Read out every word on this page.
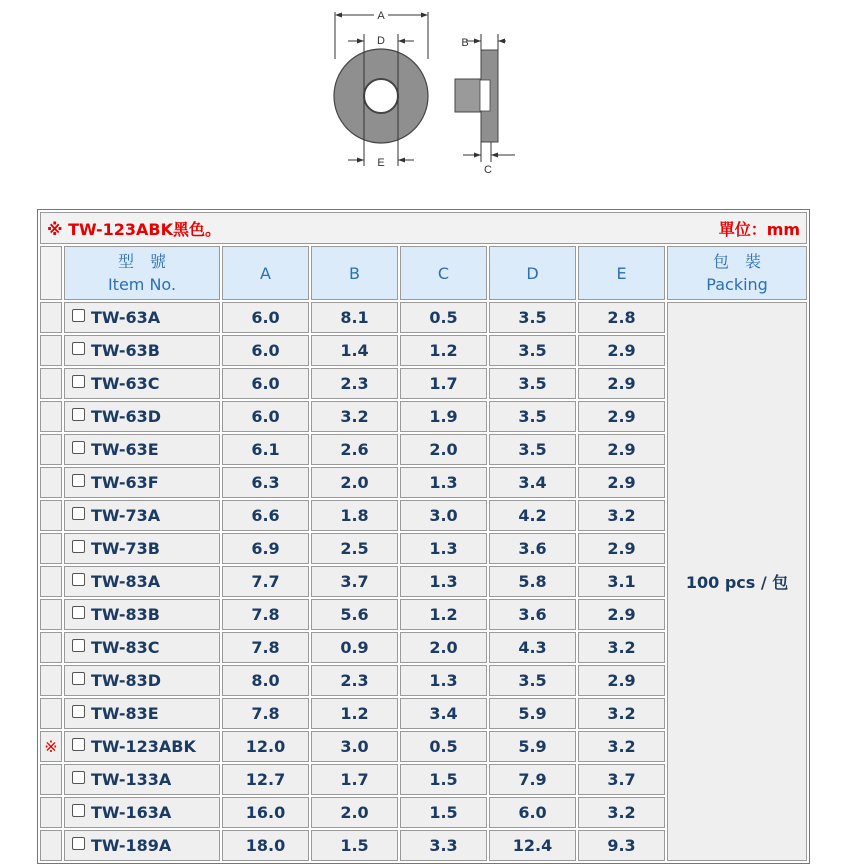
A
D
E
B
C
※ TW-123ABK黑色。 單位：mm							

	型　號
Item No.	A	B	C	D	E	包　裝
Packing

	TW-63A	6.0	8.1	0.5	3.5	2.8	100 pcs / 包
	TW-63B	6.0	1.4	1.2	3.5	2.9	
	TW-63C	6.0	2.3	1.7	3.5	2.9	
	TW-63D	6.0	3.2	1.9	3.5	2.9	
	TW-63E	6.1	2.6	2.0	3.5	2.9	
	TW-63F	6.3	2.0	1.3	3.4	2.9	
	TW-73A	6.6	1.8	3.0	4.2	3.2	
	TW-73B	6.9	2.5	1.3	3.6	2.9	
	TW-83A	7.7	3.7	1.3	5.8	3.1	
	TW-83B	7.8	5.6	1.2	3.6	2.9	
	TW-83C	7.8	0.9	2.0	4.3	3.2	
	TW-83D	8.0	2.3	1.3	3.5	2.9	
	TW-83E	7.8	1.2	3.4	5.9	3.2	
※	TW-123ABK	12.0	3.0	0.5	5.9	3.2	
	TW-133A	12.7	1.7	1.5	7.9	3.7	
	TW-163A	16.0	2.0	1.5	6.0	3.2	
	TW-189A	18.0	1.5	3.3	12.4	9.3	
